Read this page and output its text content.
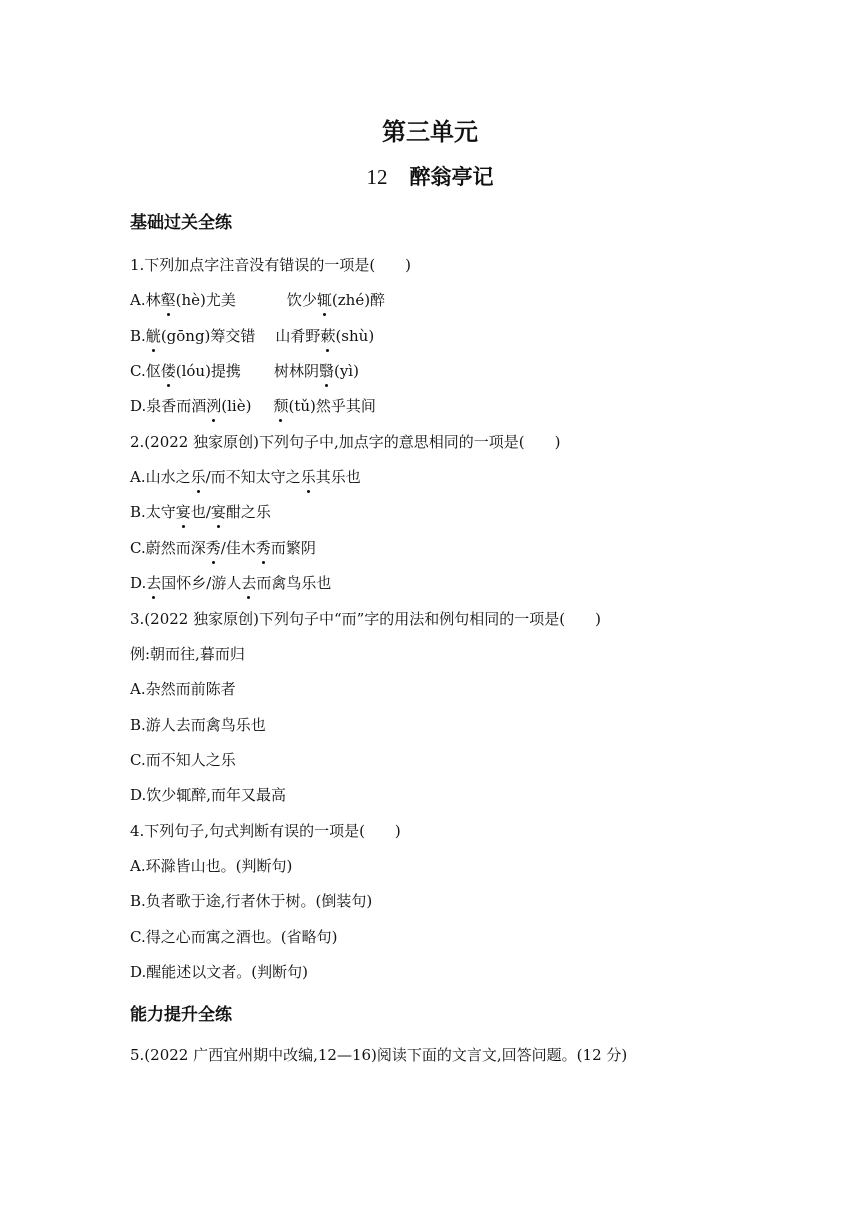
第三单元
12 醉翁亭记
基础过关全练
1.下列加点字注音没有错误的一项是(　　)
A.林壑(hè)尤美	饮少辄(zhé)醉
B.觥(gōng)筹交错 山肴野蔌(shù)
C.伛偻(lóu)提携 树林阴翳(yì)
D.泉香而酒洌(liè) 颓(tǔ)然乎其间
2.(2022 独家原创)下列句子中,加点字的意思相同的一项是(　　)
A.山水之乐/而不知太守之乐其乐也
B.太守宴也/宴酣之乐
C.蔚然而深秀/佳木秀而繁阴
D.去国怀乡/游人去而禽鸟乐也
3.(2022 独家原创)下列句子中“而”字的用法和例句相同的一项是(　　)
例:朝而往,暮而归
A.杂然而前陈者
B.游人去而禽鸟乐也
C.而不知人之乐
D.饮少辄醉,而年又最高
4.下列句子,句式判断有误的一项是(　　)
A.环滁皆山也。(判断句)
B.负者歌于途,行者休于树。(倒装句)
C.得之心而寓之酒也。(省略句)
D.醒能述以文者。(判断句)
能力提升全练
5.(2022 广西宜州期中改编,12—16)阅读下面的文言文,回答问题。(12 分)
